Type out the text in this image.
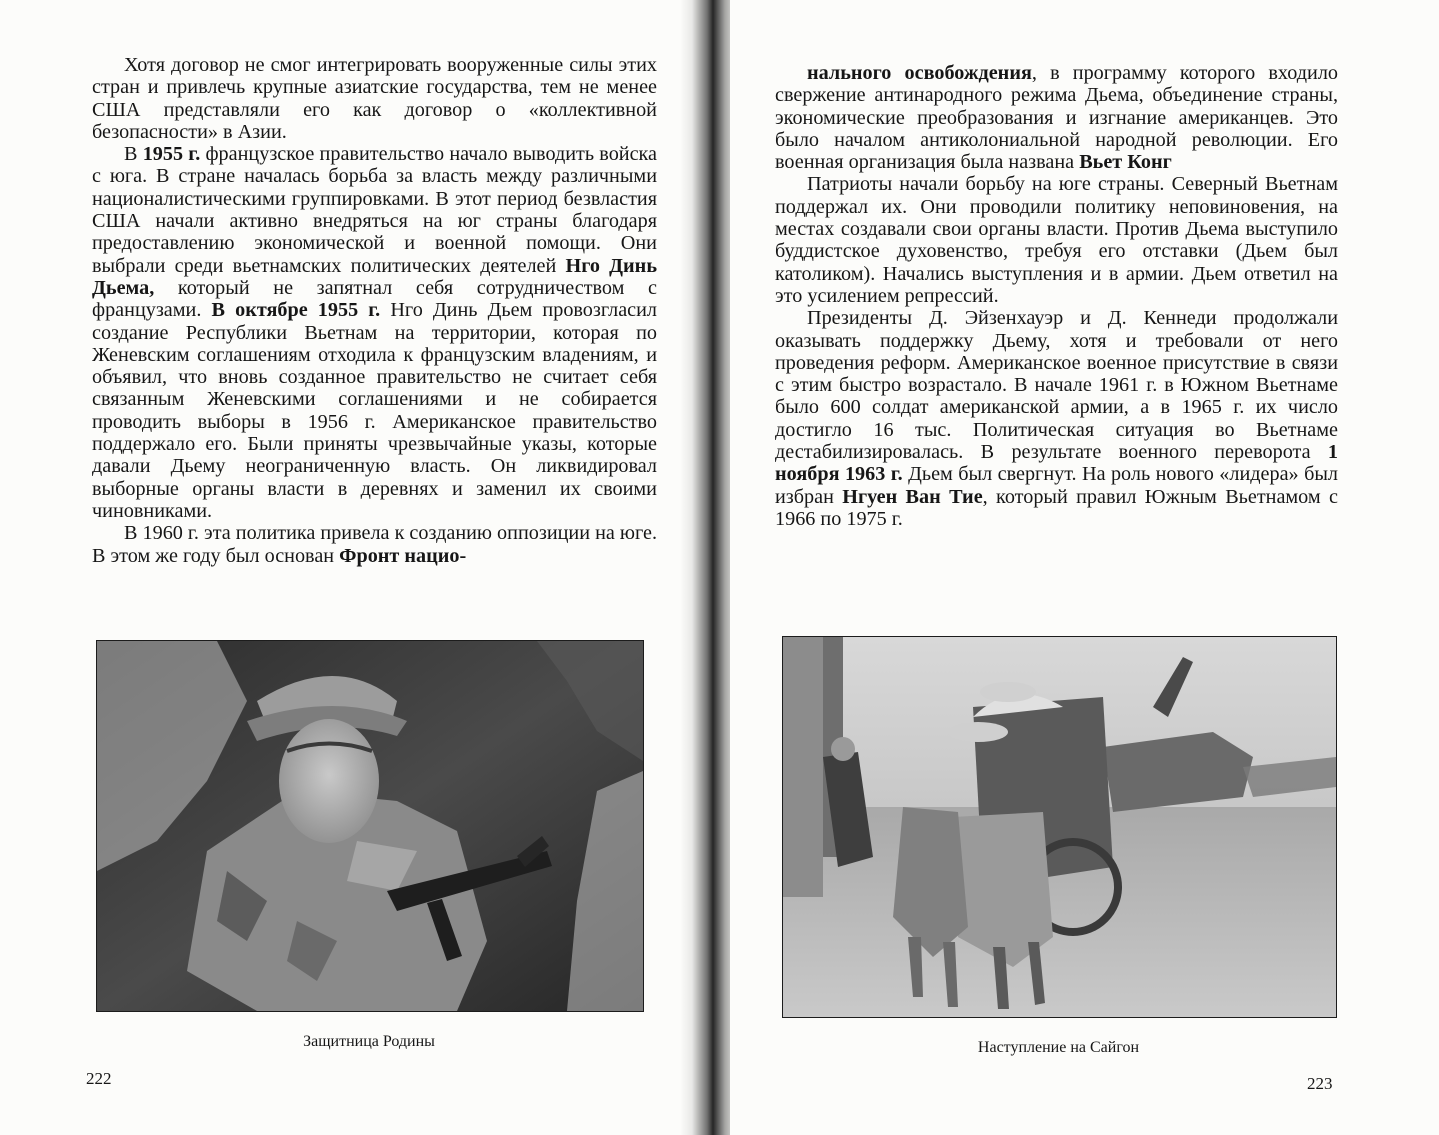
Хотя договор не смог интегрировать вооруженные силы этих стран и привлечь крупные азиатские государства, тем не менее США представляли его как договор о «коллективной безопасности» в Азии.

В 1955 г. французское правительство начало выводить войска с юга. В стране началась борьба за власть между различными националистическими группировками. В этот период безвластия США начали активно внедряться на юг страны благодаря предоставлению экономической и военной помощи. Они выбрали среди вьетнамских политических деятелей Нго Динь Дьема, который не запятнал себя сотрудничеством с французами. В октябре 1955 г. Нго Динь Дьем провозгласил создание Республики Вьетнам на территории, которая по Женевским соглашениям отходила к французским владениям, и объявил, что вновь созданное правительство не считает себя связанным Женевскими соглашениями и не собирается проводить выборы в 1956 г. Американское правительство поддержало его. Были приняты чрезвычайные указы, которые давали Дьему неограниченную власть. Он ликвидировал выборные органы власти в деревнях и заменил их своими чиновниками.

В 1960 г. эта политика привела к созданию оппозиции на юге. В этом же году был основан Фронт нацио-

Защитница Родины
222

нального освобождения, в программу которого входило свержение антинародного режима Дьема, объединение страны, экономические преобразования и изгнание американцев. Это было началом антиколониальной народной революции. Его военная организация была названа Вьет Конг

Патриоты начали борьбу на юге страны. Северный Вьетнам поддержал их. Они проводили политику неповиновения, на местах создавали свои органы власти. Против Дьема выступило буддистское духовенство, требуя его отставки (Дьем был католиком). Начались выступления и в армии. Дьем ответил на это усилением репрессий.

Президенты Д. Эйзенхауэр и Д. Кеннеди продолжали оказывать поддержку Дьему, хотя и требовали от него проведения реформ. Американское военное присутствие в связи с этим быстро возрастало. В начале 1961 г. в Южном Вьетнаме было 600 солдат американской армии, а в 1965 г. их число достигло 16 тыс. Политическая ситуация во Вьетнаме дестабилизировалась. В результате военного переворота 1 ноября 1963 г. Дьем был свергнут. На роль нового «лидера» был избран Нгуен Ван Тие, который правил Южным Вьетнамом с 1966 по 1975 г.

Наступление на Сайгон
223
